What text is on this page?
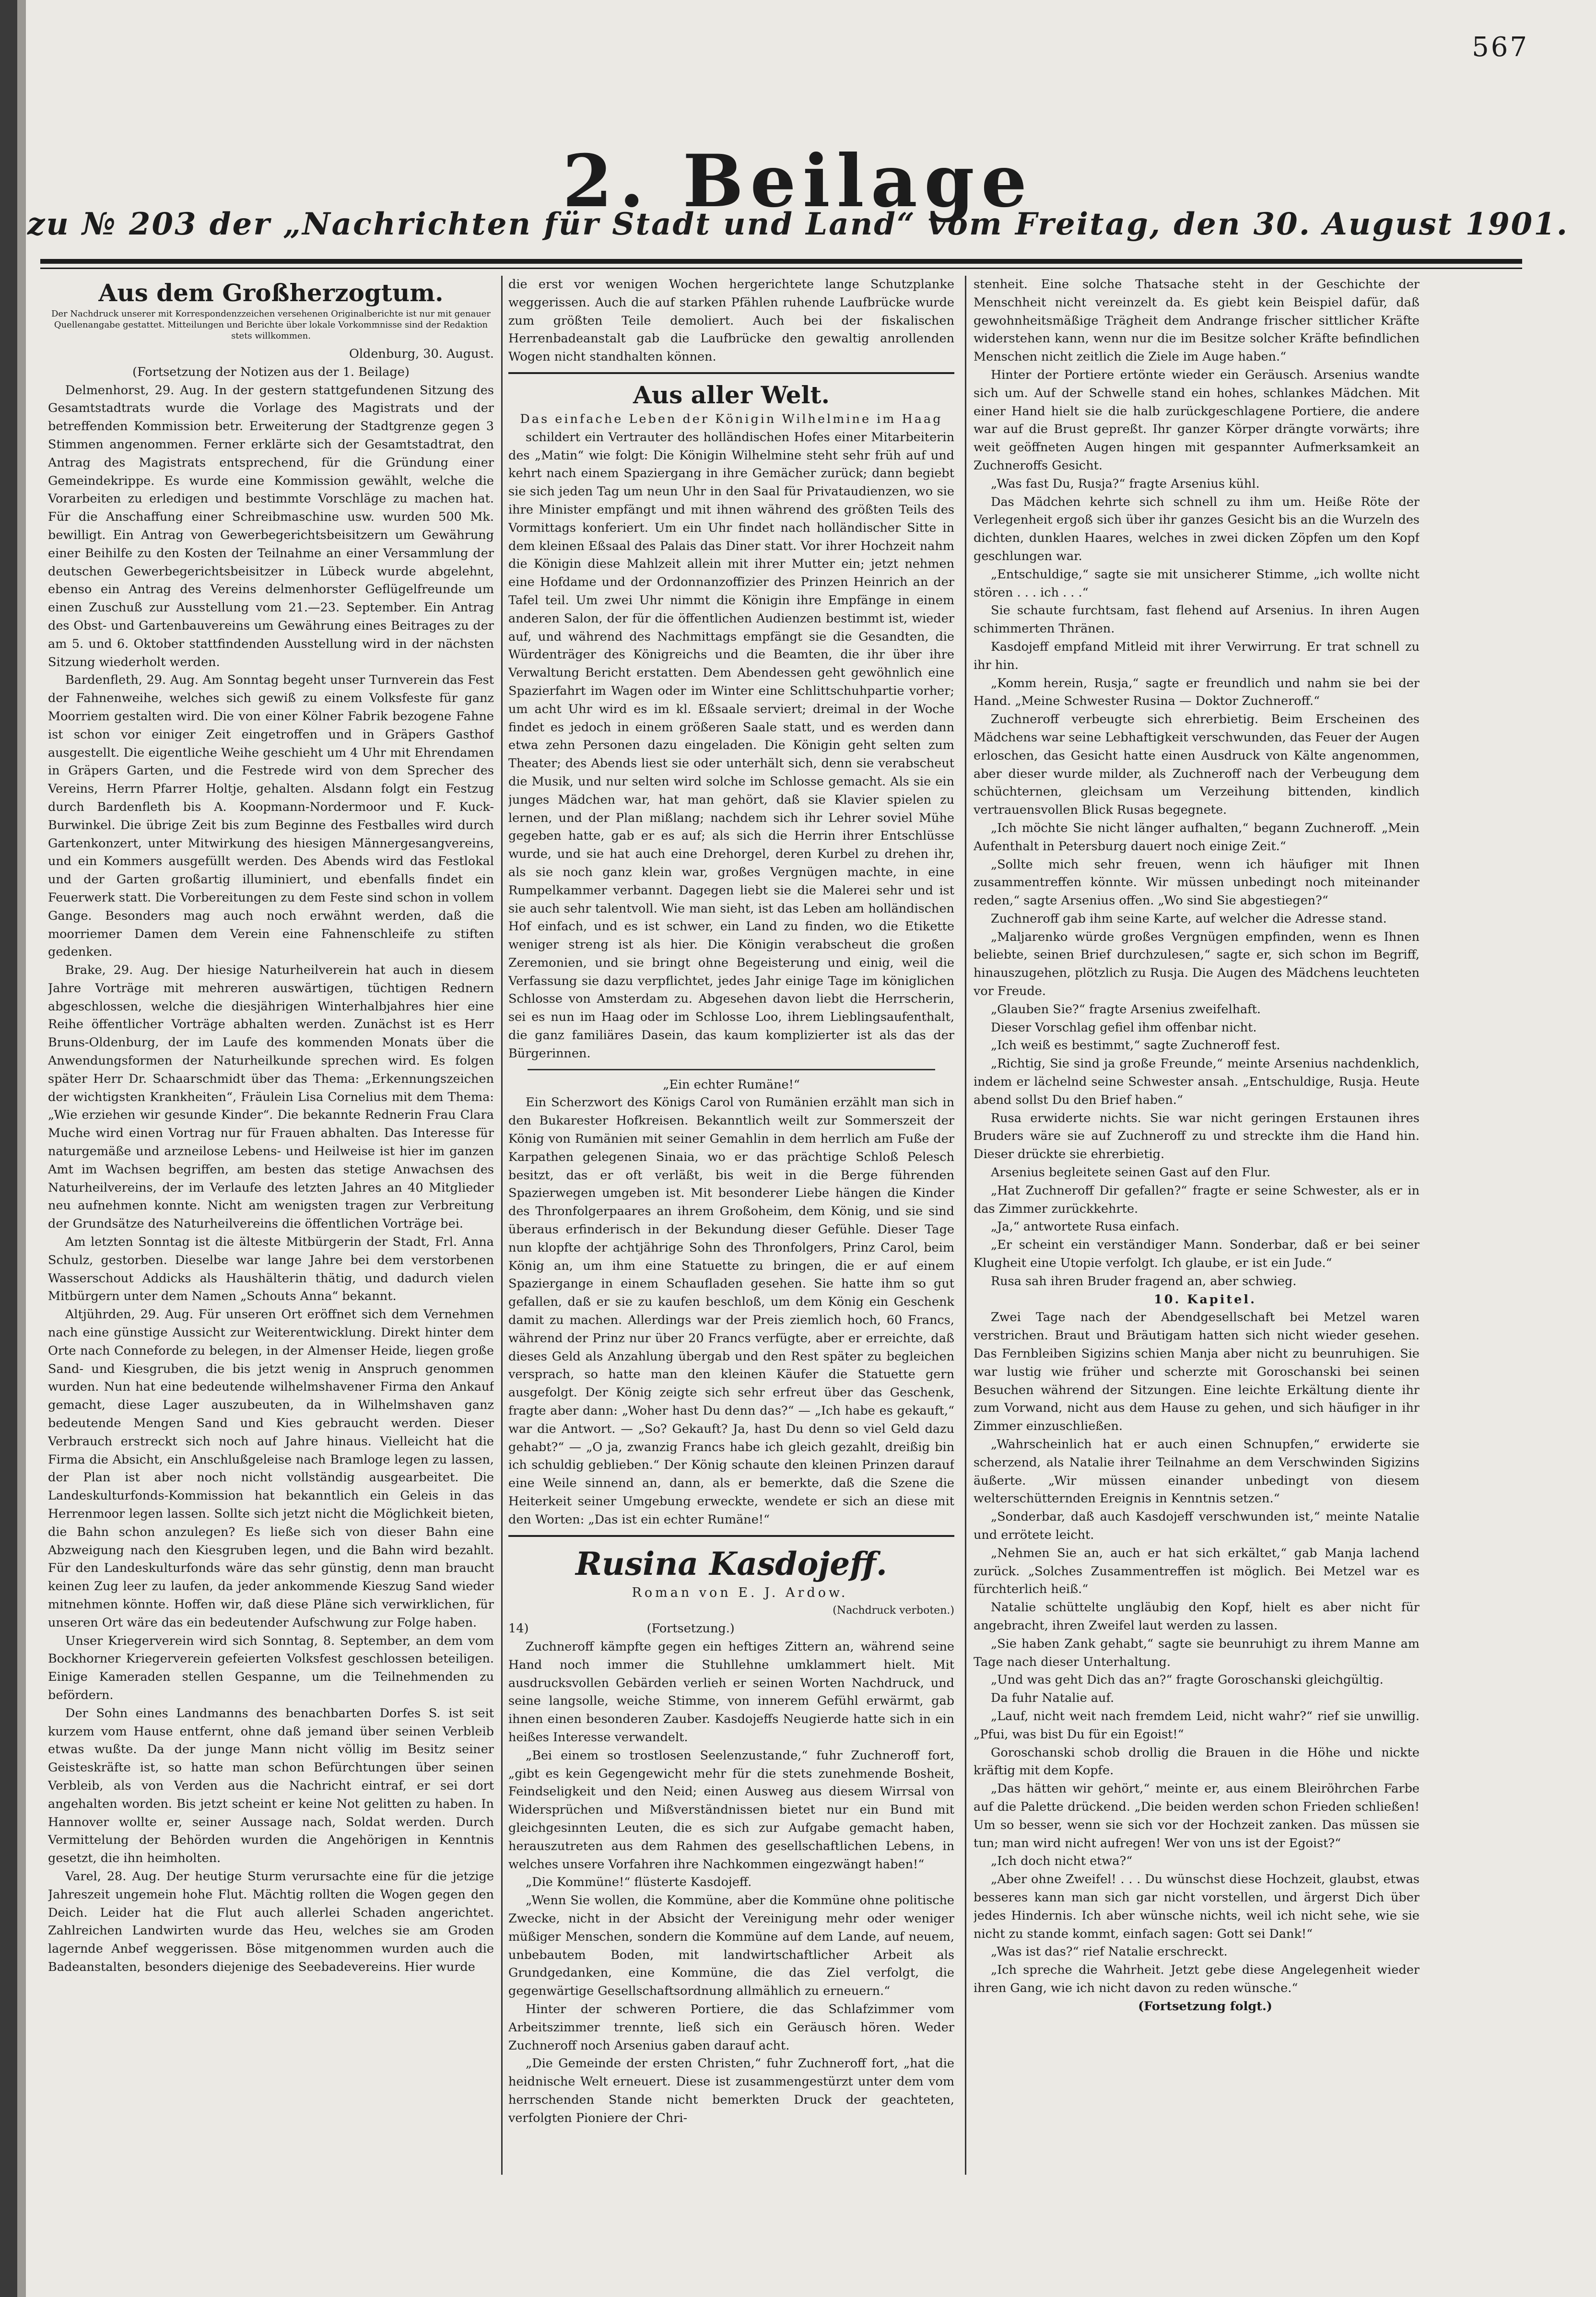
567
2. Beilage
zu № 203 der „Nachrichten für Stadt und Land“ vom Freitag, den 30. August 1901.
Aus dem Großherzogtum.
Der Nachdruck unserer mit Korrespondenzzeichen versehenen Originalberichte ist nur mit genauer Quellenangabe gestattet. Mitteilungen und Berichte über lokale Vorkommnisse sind der Redaktion stets willkommen.

Oldenburg, 30. August.

(Fortsetzung der Notizen aus der 1. Beilage)

Delmenhorst, 29. Aug. In der gestern stattgefundenen Sitzung des Gesamtstadtrats wurde die Vorlage des Magistrats und der betreffenden Kommission betr. Erweiterung der Stadtgrenze gegen 3 Stimmen angenommen. Ferner erklärte sich der Gesamtstadtrat, den Antrag des Magistrats entsprechend, für die Gründung einer Gemeindekrippe. Es wurde eine Kommission gewählt, welche die Vorarbeiten zu erledigen und bestimmte Vorschläge zu machen hat. Für die Anschaffung einer Schreibmaschine usw. wurden 500 Mk. bewilligt. Ein Antrag von Gewerbegerichtsbeisitzern um Gewährung einer Beihilfe zu den Kosten der Teilnahme an einer Versammlung der deutschen Gewerbegerichtsbeisitzer in Lübeck wurde abgelehnt, ebenso ein Antrag des Vereins delmenhorster Geflügelfreunde um einen Zuschuß zur Ausstellung vom 21.—23. September. Ein Antrag des Obst- und Gartenbauvereins um Gewährung eines Beitrages zu der am 5. und 6. Oktober stattfindenden Ausstellung wird in der nächsten Sitzung wiederholt werden.

Bardenfleth, 29. Aug. Am Sonntag begeht unser Turnverein das Fest der Fahnenweihe, welches sich gewiß zu einem Volksfeste für ganz Moorriem gestalten wird. Die von einer Kölner Fabrik bezogene Fahne ist schon vor einiger Zeit eingetroffen und in Gräpers Gasthof ausgestellt. Die eigentliche Weihe geschieht um 4 Uhr mit Ehrendamen in Gräpers Garten, und die Festrede wird von dem Sprecher des Vereins, Herrn Pfarrer Holtje, gehalten. Alsdann folgt ein Festzug durch Bardenfleth bis A. Koopmann-Nordermoor und F. Kuck-Burwinkel. Die übrige Zeit bis zum Beginne des Festballes wird durch Gartenkonzert, unter Mitwirkung des hiesigen Männergesangvereins, und ein Kommers ausgefüllt werden. Des Abends wird das Festlokal und der Garten großartig illuminiert, und ebenfalls findet ein Feuerwerk statt. Die Vorbereitungen zu dem Feste sind schon in vollem Gange. Besonders mag auch noch erwähnt werden, daß die moorriemer Damen dem Verein eine Fahnenschleife zu stiften gedenken.

Brake, 29. Aug. Der hiesige Naturheilverein hat auch in diesem Jahre Vorträge mit mehreren auswärtigen, tüchtigen Rednern abgeschlossen, welche die diesjährigen Winterhalbjahres hier eine Reihe öffentlicher Vorträge abhalten werden. Zunächst ist es Herr Bruns-Oldenburg, der im Laufe des kommenden Monats über die Anwendungsformen der Naturheilkunde sprechen wird. Es folgen später Herr Dr. Schaarschmidt über das Thema: „Erkennungszeichen der wichtigsten Krankheiten“, Fräulein Lisa Cornelius mit dem Thema: „Wie erziehen wir gesunde Kinder“. Die bekannte Rednerin Frau Clara Muche wird einen Vortrag nur für Frauen abhalten. Das Interesse für naturgemäße und arzneilose Lebens- und Heilweise ist hier im ganzen Amt im Wachsen begriffen, am besten das stetige Anwachsen des Naturheilvereins, der im Verlaufe des letzten Jahres an 40 Mitglieder neu aufnehmen konnte. Nicht am wenigsten tragen zur Verbreitung der Grundsätze des Naturheilvereins die öffentlichen Vorträge bei.

Am letzten Sonntag ist die älteste Mitbürgerin der Stadt, Frl. Anna Schulz, gestorben. Dieselbe war lange Jahre bei dem verstorbenen Wasserschout Addicks als Haushälterin thätig, und dadurch vielen Mitbürgern unter dem Namen „Schouts Anna“ bekannt.

Altjührden, 29. Aug. Für unseren Ort eröffnet sich dem Vernehmen nach eine günstige Aussicht zur Weiterentwicklung. Direkt hinter dem Orte nach Conneforde zu belegen, in der Almenser Heide, liegen große Sand- und Kiesgruben, die bis jetzt wenig in Anspruch genommen wurden. Nun hat eine bedeutende wilhelmshavener Firma den Ankauf gemacht, diese Lager auszubeuten, da in Wilhelmshaven ganz bedeutende Mengen Sand und Kies gebraucht werden. Dieser Verbrauch erstreckt sich noch auf Jahre hinaus. Vielleicht hat die Firma die Absicht, ein Anschlußgeleise nach Bramloge legen zu lassen, der Plan ist aber noch nicht vollständig ausgearbeitet. Die Landeskulturfonds-Kommission hat bekanntlich ein Geleis in das Herrenmoor legen lassen. Sollte sich jetzt nicht die Möglichkeit bieten, die Bahn schon anzulegen? Es ließe sich von dieser Bahn eine Abzweigung nach den Kiesgruben legen, und die Bahn wird bezahlt. Für den Landeskulturfonds wäre das sehr günstig, denn man braucht keinen Zug leer zu laufen, da jeder ankommende Kieszug Sand wieder mitnehmen könnte. Hoffen wir, daß diese Pläne sich verwirklichen, für unseren Ort wäre das ein bedeutender Aufschwung zur Folge haben.

Unser Kriegerverein wird sich Sonntag, 8. September, an dem vom Bockhorner Kriegerverein gefeierten Volksfest geschlossen beteiligen. Einige Kameraden stellen Gespanne, um die Teilnehmenden zu befördern.

Der Sohn eines Landmanns des benachbarten Dorfes S. ist seit kurzem vom Hause entfernt, ohne daß jemand über seinen Verbleib etwas wußte. Da der junge Mann nicht völlig im Besitz seiner Geisteskräfte ist, so hatte man schon Befürchtungen über seinen Verbleib, als von Verden aus die Nachricht eintraf, er sei dort angehalten worden. Bis jetzt scheint er keine Not gelitten zu haben. In Hannover wollte er, seiner Aussage nach, Soldat werden. Durch Vermittelung der Behörden wurden die Angehörigen in Kenntnis gesetzt, die ihn heimholten.

Varel, 28. Aug. Der heutige Sturm verursachte eine für die jetzige Jahreszeit ungemein hohe Flut. Mächtig rollten die Wogen gegen den Deich. Leider hat die Flut auch allerlei Schaden angerichtet. Zahlreichen Landwirten wurde das Heu, welches sie am Groden lagernde Anbef weggerissen. Böse mitgenommen wurden auch die Badeanstalten, besonders diejenige des Seebadevereins. Hier wurde

die erst vor wenigen Wochen hergerichtete lange Schutzplanke weggerissen. Auch die auf starken Pfählen ruhende Laufbrücke wurde zum größten Teile demoliert. Auch bei der fiskalischen Herrenbadeanstalt gab die Laufbrücke den gewaltig anrollenden Wogen nicht standhalten können.

Aus aller Welt.

Das einfache Leben der Königin Wilhelmine im Haag

schildert ein Vertrauter des holländischen Hofes einer Mitarbeiterin des „Matin“ wie folgt: Die Königin Wilhelmine steht sehr früh auf und kehrt nach einem Spaziergang in ihre Gemächer zurück; dann begiebt sie sich jeden Tag um neun Uhr in den Saal für Privataudienzen, wo sie ihre Minister empfängt und mit ihnen während des größten Teils des Vormittags konferiert. Um ein Uhr findet nach holländischer Sitte in dem kleinen Eßsaal des Palais das Diner statt. Vor ihrer Hochzeit nahm die Königin diese Mahlzeit allein mit ihrer Mutter ein; jetzt nehmen eine Hofdame und der Ordonnanzoffizier des Prinzen Heinrich an der Tafel teil. Um zwei Uhr nimmt die Königin ihre Empfänge in einem anderen Salon, der für die öffentlichen Audienzen bestimmt ist, wieder auf, und während des Nachmittags empfängt sie die Gesandten, die Würdenträger des Königreichs und die Beamten, die ihr über ihre Verwaltung Bericht erstatten. Dem Abendessen geht gewöhnlich eine Spazierfahrt im Wagen oder im Winter eine Schlittschuhpartie vorher; um acht Uhr wird es im kl. Eßsaale serviert; dreimal in der Woche findet es jedoch in einem größeren Saale statt, und es werden dann etwa zehn Personen dazu eingeladen. Die Königin geht selten zum Theater; des Abends liest sie oder unterhält sich, denn sie verabscheut die Musik, und nur selten wird solche im Schlosse gemacht. Als sie ein junges Mädchen war, hat man gehört, daß sie Klavier spielen zu lernen, und der Plan mißlang; nachdem sich ihr Lehrer soviel Mühe gegeben hatte, gab er es auf; als sich die Herrin ihrer Entschlüsse wurde, und sie hat auch eine Drehorgel, deren Kurbel zu drehen ihr, als sie noch ganz klein war, großes Vergnügen machte, in eine Rumpelkammer verbannt. Dagegen liebt sie die Malerei sehr und ist sie auch sehr talentvoll. Wie man sieht, ist das Leben am holländischen Hof einfach, und es ist schwer, ein Land zu finden, wo die Etikette weniger streng ist als hier. Die Königin verabscheut die großen Zeremonien, und sie bringt ohne Begeisterung und einig, weil die Verfassung sie dazu verpflichtet, jedes Jahr einige Tage im königlichen Schlosse von Amsterdam zu. Abgesehen davon liebt die Herrscherin, sei es nun im Haag oder im Schlosse Loo, ihrem Lieblingsaufenthalt, die ganz familiäres Dasein, das kaum komplizierter ist als das der Bürgerinnen.

„Ein echter Rumäne!“

Ein Scherzwort des Königs Carol von Rumänien erzählt man sich in den Bukarester Hofkreisen. Bekanntlich weilt zur Sommerszeit der König von Rumänien mit seiner Gemahlin in dem herrlich am Fuße der Karpathen gelegenen Sinaia, wo er das prächtige Schloß Pelesch besitzt, das er oft verläßt, bis weit in die Berge führenden Spazierwegen umgeben ist. Mit besonderer Liebe hängen die Kinder des Thronfolgerpaares an ihrem Großoheim, dem König, und sie sind überaus erfinderisch in der Bekundung dieser Gefühle. Dieser Tage nun klopfte der achtjährige Sohn des Thronfolgers, Prinz Carol, beim König an, um ihm eine Statuette zu bringen, die er auf einem Spaziergange in einem Schaufladen gesehen. Sie hatte ihm so gut gefallen, daß er sie zu kaufen beschloß, um dem König ein Geschenk damit zu machen. Allerdings war der Preis ziemlich hoch, 60 Francs, während der Prinz nur über 20 Francs verfügte, aber er erreichte, daß dieses Geld als Anzahlung übergab und den Rest später zu begleichen versprach, so hatte man den kleinen Käufer die Statuette gern ausgefolgt. Der König zeigte sich sehr erfreut über das Geschenk, fragte aber dann: „Woher hast Du denn das?“ — „Ich habe es gekauft,“ war die Antwort. — „So? Gekauft? Ja, hast Du denn so viel Geld dazu gehabt?“ — „O ja, zwanzig Francs habe ich gleich gezahlt, dreißig bin ich schuldig geblieben.“ Der König schaute den kleinen Prinzen darauf eine Weile sinnend an, dann, als er bemerkte, daß die Szene die Heiterkeit seiner Umgebung erweckte, wendete er sich an diese mit den Worten: „Das ist ein echter Rumäne!“

Rusina Kasdojeff.

Roman von E. J. Ardow.

(Nachdruck verboten.)

14)	(Fortsetzung.)

Zuchneroff kämpfte gegen ein heftiges Zittern an, während seine Hand noch immer die Stuhllehne umklammert hielt. Mit ausdrucksvollen Gebärden verlieh er seinen Worten Nachdruck, und seine langsolle, weiche Stimme, von innerem Gefühl erwärmt, gab ihnen einen besonderen Zauber. Kasdojeffs Neugierde hatte sich in ein heißes Interesse verwandelt.

„Bei einem so trostlosen Seelenzustande,“ fuhr Zuchneroff fort, „gibt es kein Gegengewicht mehr für die stets zunehmende Bosheit, Feindseligkeit und den Neid; einen Ausweg aus diesem Wirrsal von Widersprüchen und Mißverständnissen bietet nur ein Bund mit gleichgesinnten Leuten, die es sich zur Aufgabe gemacht haben, herauszutreten aus dem Rahmen des gesellschaftlichen Lebens, in welches unsere Vorfahren ihre Nachkommen eingezwängt haben!“

„Die Kommüne!“ flüsterte Kasdojeff.

„Wenn Sie wollen, die Kommüne, aber die Kommüne ohne politische Zwecke, nicht in der Absicht der Vereinigung mehr oder weniger müßiger Menschen, sondern die Kommüne auf dem Lande, auf neuem, unbebautem Boden, mit landwirtschaftlicher Arbeit als Grundgedanken, eine Kommüne, die das Ziel verfolgt, die gegenwärtige Gesellschaftsordnung allmählich zu erneuern.“

Hinter der schweren Portiere, die das Schlafzimmer vom Arbeitszimmer trennte, ließ sich ein Geräusch hören. Weder Zuchneroff noch Arsenius gaben darauf acht.

„Die Gemeinde der ersten Christen,“ fuhr Zuchneroff fort, „hat die heidnische Welt erneuert. Diese ist zusammengestürzt unter dem vom herrschenden Stande nicht bemerkten Druck der geachteten, verfolgten Pioniere der Chri-

stenheit. Eine solche Thatsache steht in der Geschichte der Menschheit nicht vereinzelt da. Es giebt kein Beispiel dafür, daß gewohnheitsmäßige Trägheit dem Andrange frischer sittlicher Kräfte widerstehen kann, wenn nur die im Besitze solcher Kräfte befindlichen Menschen nicht zeitlich die Ziele im Auge haben.“

Hinter der Portiere ertönte wieder ein Geräusch. Arsenius wandte sich um. Auf der Schwelle stand ein hohes, schlankes Mädchen. Mit einer Hand hielt sie die halb zurückgeschlagene Portiere, die andere war auf die Brust gepreßt. Ihr ganzer Körper drängte vorwärts; ihre weit geöffneten Augen hingen mit gespannter Aufmerksamkeit an Zuchneroffs Gesicht.

„Was fast Du, Rusja?“ fragte Arsenius kühl.

Das Mädchen kehrte sich schnell zu ihm um. Heiße Röte der Verlegenheit ergoß sich über ihr ganzes Gesicht bis an die Wurzeln des dichten, dunklen Haares, welches in zwei dicken Zöpfen um den Kopf geschlungen war.

„Entschuldige,“ sagte sie mit unsicherer Stimme, „ich wollte nicht stören . . . ich . . .“

Sie schaute furchtsam, fast flehend auf Arsenius. In ihren Augen schimmerten Thränen.

Kasdojeff empfand Mitleid mit ihrer Verwirrung. Er trat schnell zu ihr hin.

„Komm herein, Rusja,“ sagte er freundlich und nahm sie bei der Hand. „Meine Schwester Rusina — Doktor Zuchneroff.“

Zuchneroff verbeugte sich ehrerbietig. Beim Erscheinen des Mädchens war seine Lebhaftigkeit verschwunden, das Feuer der Augen erloschen, das Gesicht hatte einen Ausdruck von Kälte angenommen, aber dieser wurde milder, als Zuchneroff nach der Verbeugung dem schüchternen, gleichsam um Verzeihung bittenden, kindlich vertrauensvollen Blick Rusas begegnete.

„Ich möchte Sie nicht länger aufhalten,“ begann Zuchneroff. „Mein Aufenthalt in Petersburg dauert noch einige Zeit.“

„Sollte mich sehr freuen, wenn ich häufiger mit Ihnen zusammentreffen könnte. Wir müssen unbedingt noch miteinander reden,“ sagte Arsenius offen. „Wo sind Sie abgestiegen?“

Zuchneroff gab ihm seine Karte, auf welcher die Adresse stand.

„Maljarenko würde großes Vergnügen empfinden, wenn es Ihnen beliebte, seinen Brief durchzulesen,“ sagte er, sich schon im Begriff, hinauszugehen, plötzlich zu Rusja. Die Augen des Mädchens leuchteten vor Freude.

„Glauben Sie?“ fragte Arsenius zweifelhaft.

Dieser Vorschlag gefiel ihm offenbar nicht.

„Ich weiß es bestimmt,“ sagte Zuchneroff fest.

„Richtig, Sie sind ja große Freunde,“ meinte Arsenius nachdenklich, indem er lächelnd seine Schwester ansah. „Entschuldige, Rusja. Heute abend sollst Du den Brief haben.“

Rusa erwiderte nichts. Sie war nicht geringen Erstaunen ihres Bruders wäre sie auf Zuchneroff zu und streckte ihm die Hand hin. Dieser drückte sie ehrerbietig.

Arsenius begleitete seinen Gast auf den Flur.

„Hat Zuchneroff Dir gefallen?“ fragte er seine Schwester, als er in das Zimmer zurückkehrte.

„Ja,“ antwortete Rusa einfach.

„Er scheint ein verständiger Mann. Sonderbar, daß er bei seiner Klugheit eine Utopie verfolgt. Ich glaube, er ist ein Jude.“

Rusa sah ihren Bruder fragend an, aber schwieg.

10. Kapitel.

Zwei Tage nach der Abendgesellschaft bei Metzel waren verstrichen. Braut und Bräutigam hatten sich nicht wieder gesehen. Das Fernbleiben Sigizins schien Manja aber nicht zu beunruhigen. Sie war lustig wie früher und scherzte mit Goroschanski bei seinen Besuchen während der Sitzungen. Eine leichte Erkältung diente ihr zum Vorwand, nicht aus dem Hause zu gehen, und sich häufiger in ihr Zimmer einzuschließen.

„Wahrscheinlich hat er auch einen Schnupfen,“ erwiderte sie scherzend, als Natalie ihrer Teilnahme an dem Verschwinden Sigizins äußerte. „Wir müssen einander unbedingt von diesem welterschütternden Ereignis in Kenntnis setzen.“

„Sonderbar, daß auch Kasdojeff verschwunden ist,“ meinte Natalie und errötete leicht.

„Nehmen Sie an, auch er hat sich erkältet,“ gab Manja lachend zurück. „Solches Zusammentreffen ist möglich. Bei Metzel war es fürchterlich heiß.“

Natalie schüttelte ungläubig den Kopf, hielt es aber nicht für angebracht, ihren Zweifel laut werden zu lassen.

„Sie haben Zank gehabt,“ sagte sie beunruhigt zu ihrem Manne am Tage nach dieser Unterhaltung.

„Und was geht Dich das an?“ fragte Goroschanski gleichgültig.

Da fuhr Natalie auf.

„Lauf, nicht weit nach fremdem Leid, nicht wahr?“ rief sie unwillig. „Pfui, was bist Du für ein Egoist!“

Goroschanski schob drollig die Brauen in die Höhe und nickte kräftig mit dem Kopfe.

„Das hätten wir gehört,“ meinte er, aus einem Bleiröhrchen Farbe auf die Palette drückend. „Die beiden werden schon Frieden schließen! Um so besser, wenn sie sich vor der Hochzeit zanken. Das müssen sie tun; man wird nicht aufregen! Wer von uns ist der Egoist?“

„Ich doch nicht etwa?“

„Aber ohne Zweifel! . . . Du wünschst diese Hochzeit, glaubst, etwas besseres kann man sich gar nicht vorstellen, und ärgerst Dich über jedes Hindernis. Ich aber wünsche nichts, weil ich nicht sehe, wie sie nicht zu stande kommt, einfach sagen: Gott sei Dank!“

„Was ist das?“ rief Natalie erschreckt.

„Ich spreche die Wahrheit. Jetzt gebe diese Angelegenheit wieder ihren Gang, wie ich nicht davon zu reden wünsche.“

(Fortsetzung folgt.)
